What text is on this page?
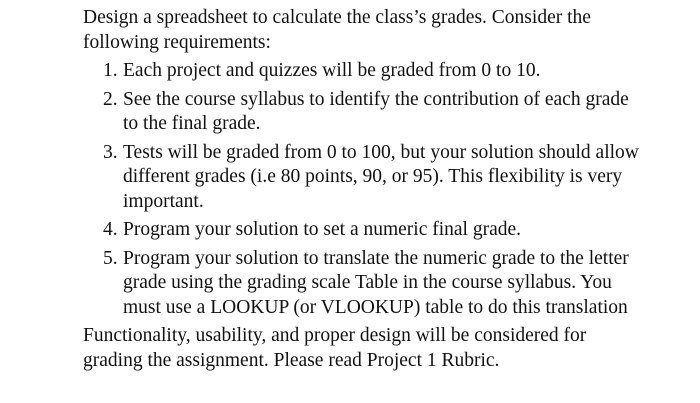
Design a spreadsheet to calculate the class’s grades. Consider the following requirements:

1. Each project and quizzes will be graded from 0 to 10.
2. See the course syllabus to identify the contribution of each grade to the final grade.
3. Tests will be graded from 0 to 100, but your solution should allow different grades (i.e 80 points, 90, or 95). This flexibility is very important.
4. Program your solution to set a numeric final grade.
5. Program your solution to translate the numeric grade to the letter grade using the grading scale Table in the course syllabus. You must use a LOOKUP (or VLOOKUP) table to do this translation

Functionality, usability, and proper design will be considered for grading the assignment. Please read Project 1 Rubric.
